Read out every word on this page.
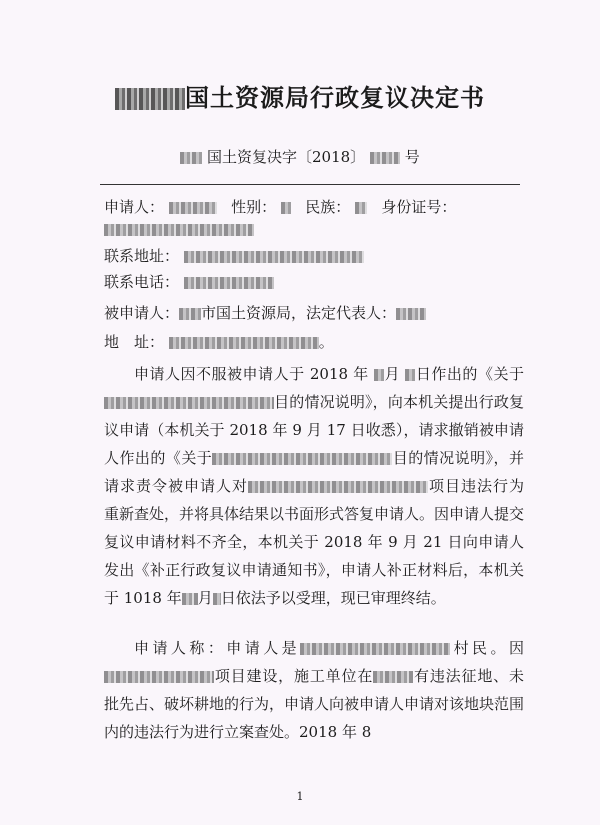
国土资源局行政复议决定书
国土资复决字〔2018〕	号
申请人：	性别： 民族： 身份证号：
联系地址：
联系电话：
被申请人： 市国土资源局，法定代表人：
地　址：	。
申请人因不服被申请人于 2018 年 月 日作出的《关于目的情况说明》，向本机关提出行政复议申请（本机关于 2018 年 9 月 17 日收悉），请求撤销被申请人作出的《关于	目的情况说明》，并请求责令被申请人对	项目违法行为重新查处，并将具体结果以书面形式答复申请人。因申请人提交复议申请材料不齐全，本机关于 2018 年 9 月 21 日向申请人发出《补正行政复议申请通知书》，申请人补正材料后，本机关于 1018 年 月 日依法予以受理，现已审理终结。
申请人称：申请人是	村民。因项目建设，施工单位在	有违法征地、未批先占、破坏耕地的行为，申请人向被申请人申请对该地块范围内的违法行为进行立案查处。2018 年 8
1
